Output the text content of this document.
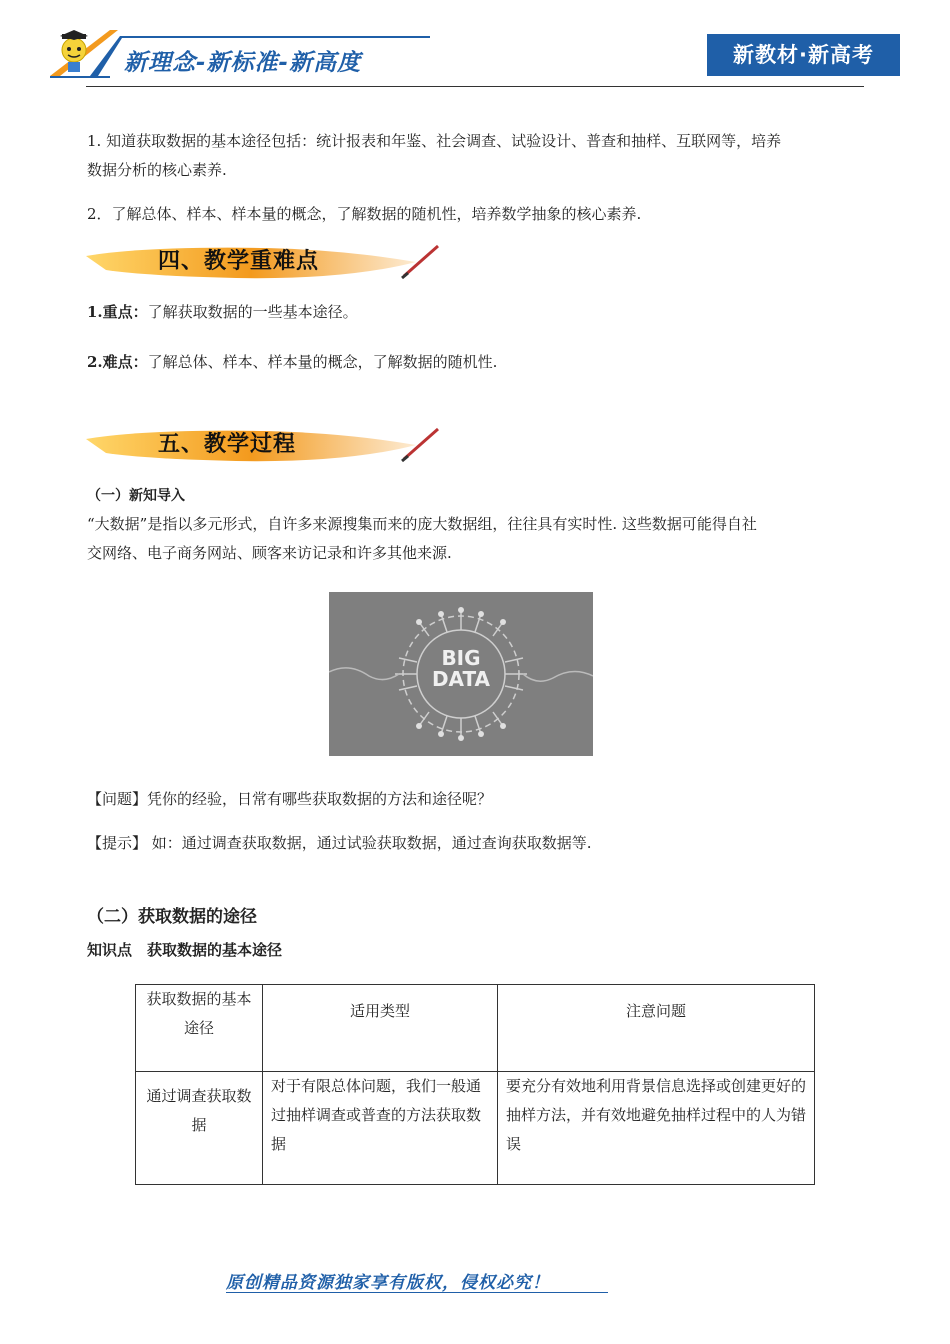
新理念-新标准-新高度	新教材·新高考
1. 知道获取数据的基本途径包括：统计报表和年鉴、社会调查、试验设计、普查和抽样、互联网等，培养
数据分析的核心素养.
2．了解总体、样本、样本量的概念，了解数据的随机性，培养数学抽象的核心素养.
四、教学重难点
1.重点：了解获取数据的一些基本途径。
2.难点：了解总体、样本、样本量的概念，了解数据的随机性.
五、教学过程
（一）新知导入
“大数据”是指以多元形式，自许多来源搜集而来的庞大数据组，往往具有实时性. 这些数据可能得自社
交网络、电子商务网站、顾客来访记录和许多其他来源.
BIG
DATA
【问题】凭你的经验，日常有哪些获取数据的方法和途径呢？
【提示】 如：通过调查获取数据，通过试验获取数据，通过查询获取数据等.
（二）获取数据的途径
知识点　获取数据的基本途径
获取数据的基本途径	适用类型	注意问题
通过调查获取数据	对于有限总体问题，我们一般通过抽样调查或普查的方法获取数据	要充分有效地利用背景信息选择或创建更好的抽样方法，并有效地避免抽样过程中的人为错误
原创精品资源独家享有版权，侵权必究！
